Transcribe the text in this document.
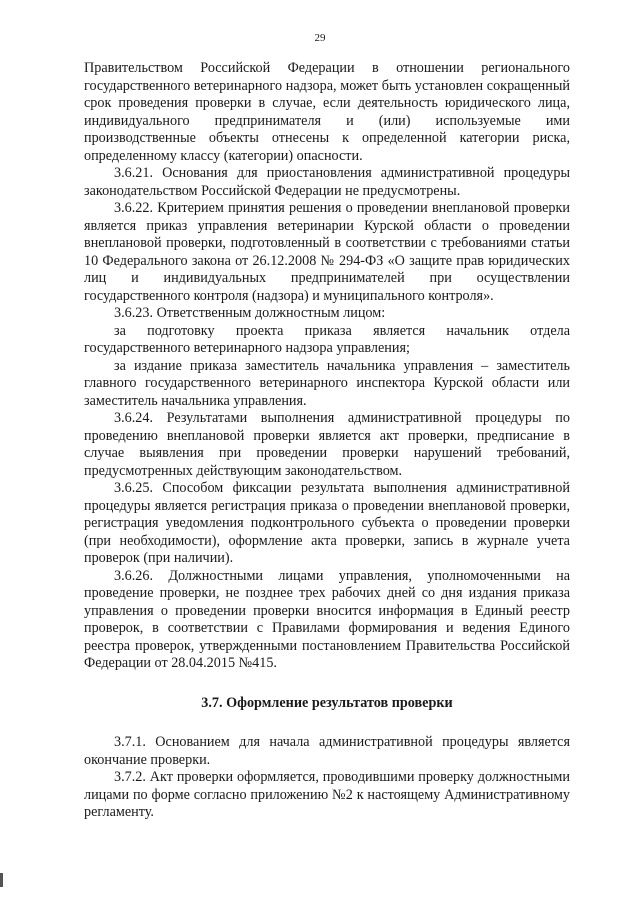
29

Правительством Российской Федерации в отношении регионального государственного ветеринарного надзора, может быть установлен сокращенный срок проведения проверки в случае, если деятельность юридического лица, индивидуального предпринимателя и (или) используемые ими производственные объекты отнесены к определенной категории риска, определенному классу (категории) опасности.

3.6.21. Основания для приостановления административной процедуры законодательством Российской Федерации не предусмотрены.

3.6.22. Критерием принятия решения о проведении внеплановой проверки является приказ управления ветеринарии Курской области о проведении внеплановой проверки, подготовленный в соответствии с требованиями статьи 10 Федерального закона от 26.12.2008 № 294-ФЗ «О защите прав юридических лиц и индивидуальных предпринимателей при осуществлении государственного контроля (надзора) и муниципального контроля».

3.6.23. Ответственным должностным лицом:

за подготовку проекта приказа является начальник отдела государственного ветеринарного надзора управления;

за издание приказа заместитель начальника управления – заместитель главного государственного ветеринарного инспектора Курской области или заместитель начальника управления.

3.6.24. Результатами выполнения административной процедуры по проведению внеплановой проверки является акт проверки, предписание в случае выявления при проведении проверки нарушений требований, предусмотренных действующим законодательством.

3.6.25. Способом фиксации результата выполнения административной процедуры является регистрация приказа о проведении внеплановой проверки, регистрация уведомления подконтрольного субъекта о проведении проверки (при необходимости), оформление акта проверки, запись в журнале учета проверок (при наличии).

3.6.26. Должностными лицами управления, уполномоченными на проведение проверки, не позднее трех рабочих дней со дня издания приказа управления о проведении проверки вносится информация в Единый реестр проверок, в соответствии с Правилами формирования и ведения Единого реестра проверок, утвержденными постановлением Правительства Российской Федерации от 28.04.2015 №415.

3.7. Оформление результатов проверки

3.7.1. Основанием для начала административной процедуры является окончание проверки.

3.7.2. Акт проверки оформляется, проводившими проверку должностными лицами по форме согласно приложению №2 к настоящему Административному регламенту.
